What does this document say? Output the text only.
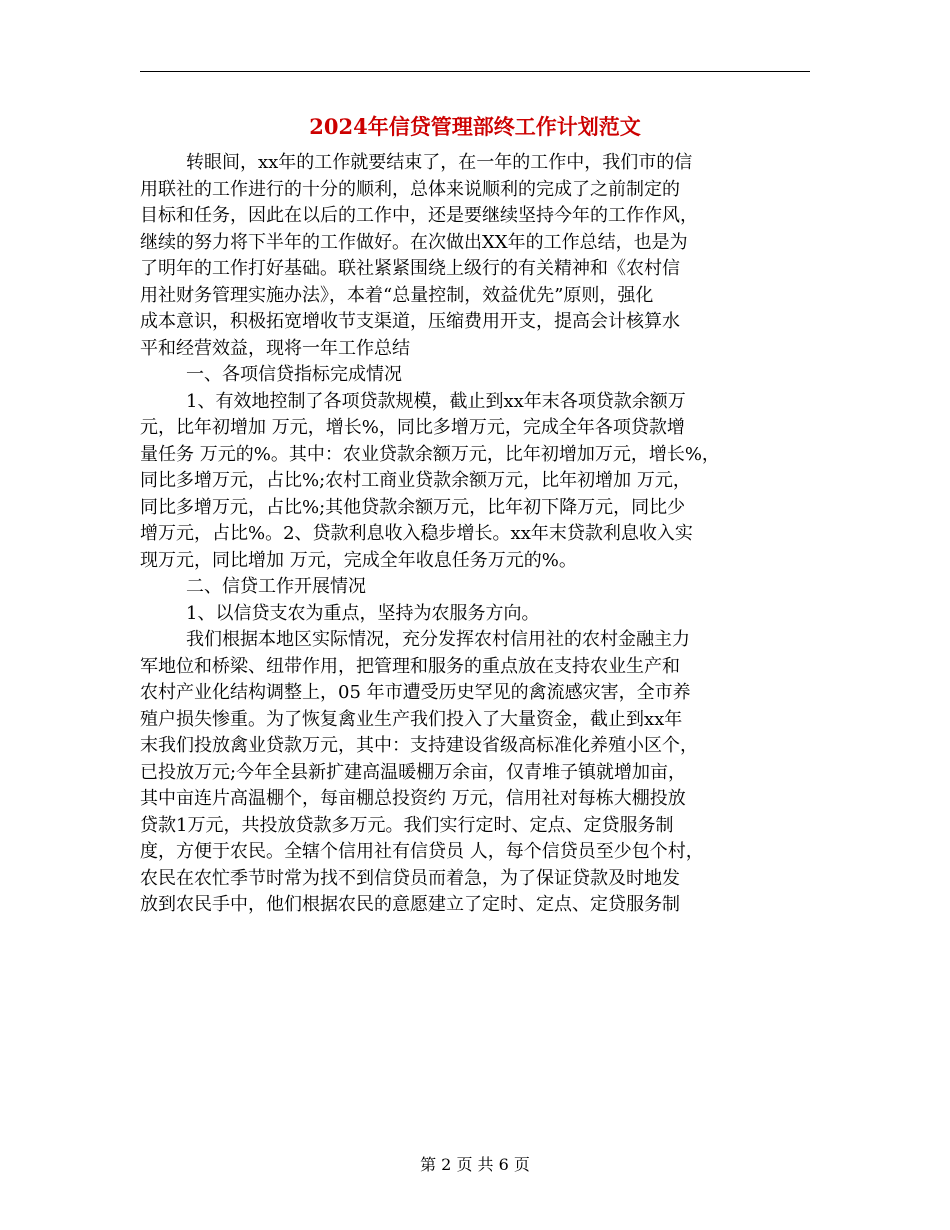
2024年信贷管理部终工作计划范文
转眼间，xx年的工作就要结束了，在一年的工作中，我们市的信
用联社的工作进行的十分的顺利，总体来说顺利的完成了之前制定的
目标和任务，因此在以后的工作中，还是要继续坚持今年的工作作风，
继续的努力将下半年的工作做好。在次做出XX年的工作总结，也是为
了明年的工作打好基础。联社紧紧围绕上级行的有关精神和《农村信
用社财务管理实施办法》，本着“总量控制，效益优先”原则，强化
成本意识，积极拓宽增收节支渠道，压缩费用开支，提高会计核算水
平和经营效益，现将一年工作总结
一、各项信贷指标完成情况
1、有效地控制了各项贷款规模，截止到xx年末各项贷款余额万
元，比年初增加 万元，增长%，同比多增万元，完成全年各项贷款增
量任务 万元的%。其中：农业贷款余额万元，比年初增加万元，增长%，
同比多增万元，占比%;农村工商业贷款余额万元，比年初增加 万元，
同比多增万元，占比%;其他贷款余额万元，比年初下降万元，同比少
增万元，占比%。2、贷款利息收入稳步增长。xx年末贷款利息收入实
现万元，同比增加 万元，完成全年收息任务万元的%。
二、信贷工作开展情况
1、以信贷支农为重点，坚持为农服务方向。
我们根据本地区实际情况，充分发挥农村信用社的农村金融主力
军地位和桥梁、纽带作用，把管理和服务的重点放在支持农业生产和
农村产业化结构调整上，05 年市遭受历史罕见的禽流感灾害，全市养
殖户损失惨重。为了恢复禽业生产我们投入了大量资金，截止到xx年
末我们投放禽业贷款万元，其中：支持建设省级高标准化养殖小区个，
已投放万元;今年全县新扩建高温暖棚万余亩，仅青堆子镇就增加亩，
其中亩连片高温棚个，每亩棚总投资约 万元，信用社对每栋大棚投放
贷款1万元，共投放贷款多万元。我们实行定时、定点、定贷服务制
度，方便于农民。全辖个信用社有信贷员 人，每个信贷员至少包个村，
农民在农忙季节时常为找不到信贷员而着急，为了保证贷款及时地发
放到农民手中，他们根据农民的意愿建立了定时、定点、定贷服务制
第 2 页 共 6 页
